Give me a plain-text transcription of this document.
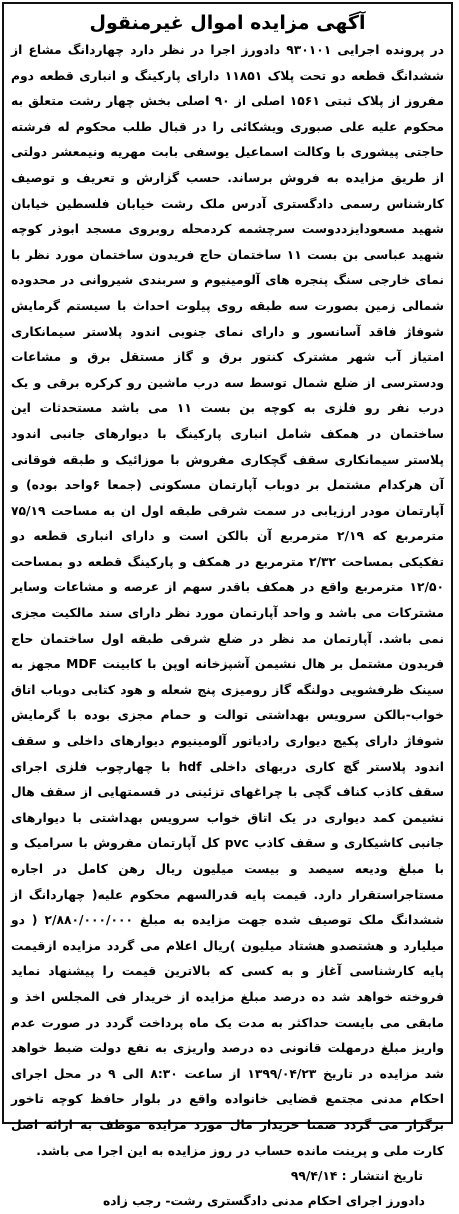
آگهی مزایده اموال غیرمنقول

در پرونده اجرایی ۹۳۰۱۰۱ دادورز اجرا در نظر دارد چهاردانگ مشاع از ششدانگ قطعه دو تحت پلاک ۱۱۸۵۱ دارای پارکینگ و انباری قطعه دوم مفروز از پلاک ثبتی ۱۵۶۱ اصلی از ۹۰ اصلی بخش چهار رشت متعلق به محکوم علیه علی صبوری ویشکائی را در قبال طلب محکوم له فرشته حاجتی پیشوری با وکالت اسماعیل یوسفی بابت مهریه ونیمعشر دولتی از طریق مزایده به فروش برساند. حسب گزارش و تعریف و توصیف کارشناس رسمی دادگستری آدرس ملک رشت خیابان فلسطین خیابان شهید مسعودایزددوست سرچشمه کردمحله روبروی مسجد ابوذر کوچه شهید عباسی بن بست ۱۱ ساختمان حاج فریدون ساختمان مورد نظر با نمای خارجی سنگ پنجره های آلومینیوم و سربندی شیروانی در محدوده شمالی زمین بصورت سه طبقه روی پیلوت احداث با سیستم گرمایش شوفاژ فاقد آسانسور و دارای نمای جنوبی اندود پلاستر سیمانکاری امتیاز آب شهر مشترک کنتور برق و گاز مستقل برق و مشاعات ودسترسی از ضلع شمال توسط سه درب ماشین رو کرکره برقی و یک درب نفر رو فلزی به کوچه بن بست ۱۱ می باشد مستحدثات این ساختمان در همکف شامل انباری پارکینگ با دیوارهای جانبی اندود پلاستر سیمانکاری سقف گچکاری مفروش با موزائیک و طبقه فوقانی آن هرکدام مشتمل بر دوباب آپارتمان مسکونی (جمعا ۶واحد بوده) و آپارتمان مودر ارزیابی در سمت شرقی طبقه اول ان به مساحت ۷۵/۱۹ مترمربع که ۲/۱۹ مترمربع آن بالکن است و دارای انباری قطعه دو تفکیکی بمساحت ۲/۳۲ مترمربع در همکف و پارکینگ قطعه دو بمساحت ۱۲/۵۰ مترمربع واقع در همکف باقدر سهم از عرصه و مشاعات وسایر مشترکات می باشد و واحد آپارتمان مورد نظر دارای سند مالکیت مجزی نمی باشد. آپارتمان مد نظر در ضلع شرقی طبقه اول ساختمان حاج فریدون مشتمل بر هال نشیمن آشپزخانه اوپن با کابینت MDF مجهز به سینک ظرفشویی دولنگه گاز رومیزی پنج شعله و هود کتابی دوباب اتاق خواب-بالکن سرویس بهداشتی توالت و حمام مجزی بوده با گرمایش شوفاژ دارای پکیج دیواری رادیاتور آلومینیوم دیوارهای داخلی و سقف اندود پلاستر گچ کاری دربهای داخلی hdf با چهارچوب فلزی اجرای سقف کاذب کناف گچی با چراغهای تزئینی در قسمتهایی از سقف هال نشیمن کمد دیواری در یک اتاق خواب سرویس بهداشتی با دیوارهای جانبی کاشیکاری و سقف کاذب pvc کل آپارتمان مفروش با سرامیک و با مبلغ ودیعه سیصد و بیست میلیون ریال رهن کامل در اجاره مستاجراستقرار دارد. قیمت پایه قدرالسهم محکوم علیه( چهاردانگ از ششدانگ ملک توصیف شده جهت مزایده به مبلغ ۲/۸۸۰/۰۰۰/۰۰۰ ( دو میلیارد و هشتصدو هشتاد میلیون )ریال اعلام می گردد مزایده ازقیمت پایه کارشناسی آغاز و به کسی که بالاترین قیمت را پیشنهاد نماید فروخته خواهد شد ده درصد مبلغ مزایده از خریدار فی المجلس اخذ و مابقی می بایست حداکثر به مدت یک ماه پرداخت گردد در صورت عدم واریز مبلغ درمهلت قانونی ده درصد واریزی به نفع دولت ضبط خواهد شد مزایده در تاریخ ۱۳۹۹/۰۴/۲۳ از ساعت ۸:۳۰ الی ۹ در محل اجرای احکام مدنی مجتمع قضایی خانواده واقع در بلوار حافظ کوچه تاخور برگزار می گردد ضمنا خریدار مال مورد مزایده موظف به ارائه اصل کارت ملی و پرینت مانده حساب در روز مزایده به این اجرا می باشد.

تاریخ انتشار : ۹۹/۴/۱۴

دادورز اجرای احکام مدنی دادگستری رشت- رجب زاده
